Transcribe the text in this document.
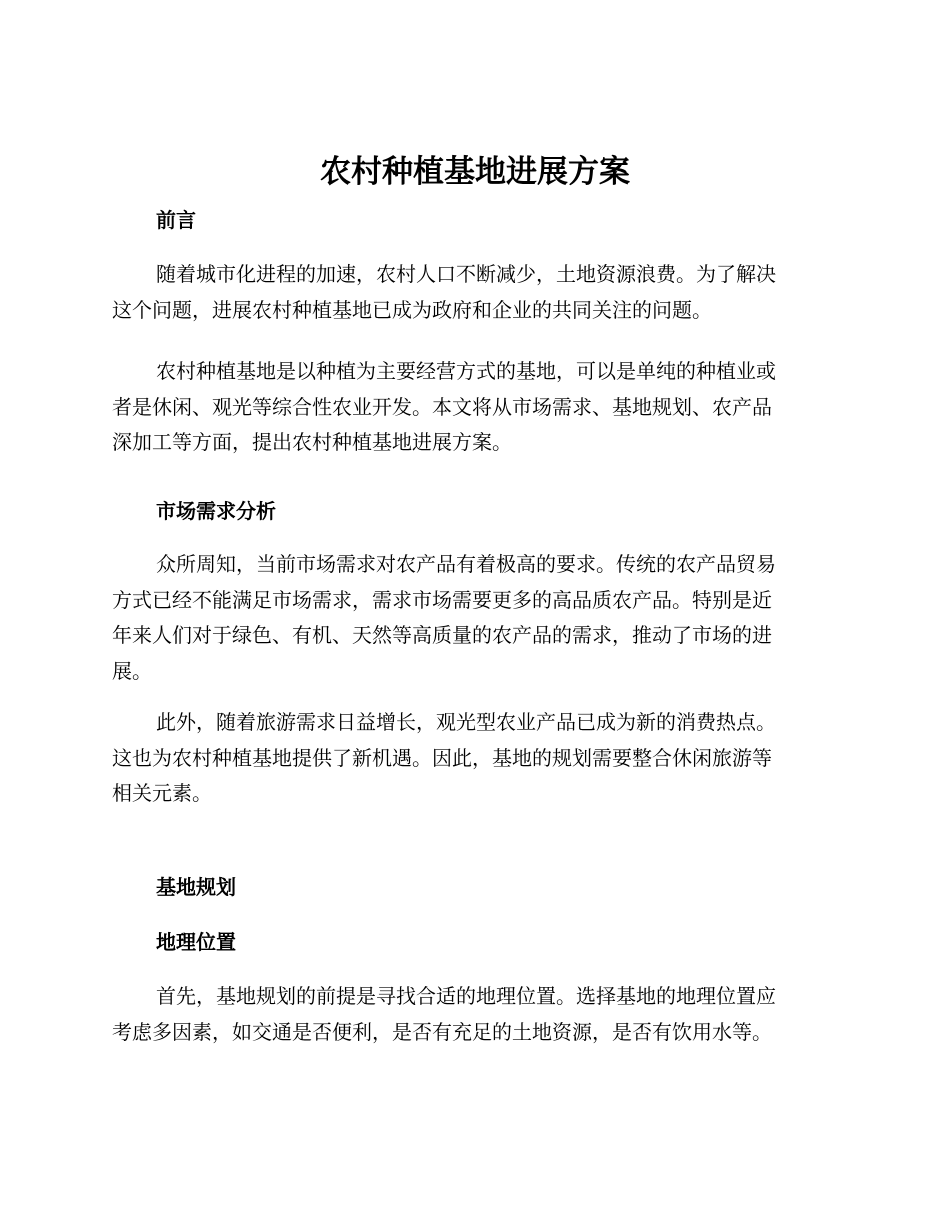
农村种植基地进展方案
前言

随着城市化进程的加速，农村人口不断减少，土地资源浪费。为了解决
这个问题，进展农村种植基地已成为政府和企业的共同关注的问题。

农村种植基地是以种植为主要经营方式的基地，可以是单纯的种植业或
者是休闲、观光等综合性农业开发。本文将从市场需求、基地规划、农产品
深加工等方面，提出农村种植基地进展方案。

市场需求分析

众所周知，当前市场需求对农产品有着极高的要求。传统的农产品贸易
方式已经不能满足市场需求，需求市场需要更多的高品质农产品。特别是近
年来人们对于绿色、有机、天然等高质量的农产品的需求，推动了市场的进
展。

此外，随着旅游需求日益增长，观光型农业产品已成为新的消费热点。
这也为农村种植基地提供了新机遇。因此，基地的规划需要整合休闲旅游等
相关元素。

基地规划
地理位置

首先，基地规划的前提是寻找合适的地理位置。选择基地的地理位置应
考虑多因素，如交通是否便利，是否有充足的土地资源，是否有饮用水等。
